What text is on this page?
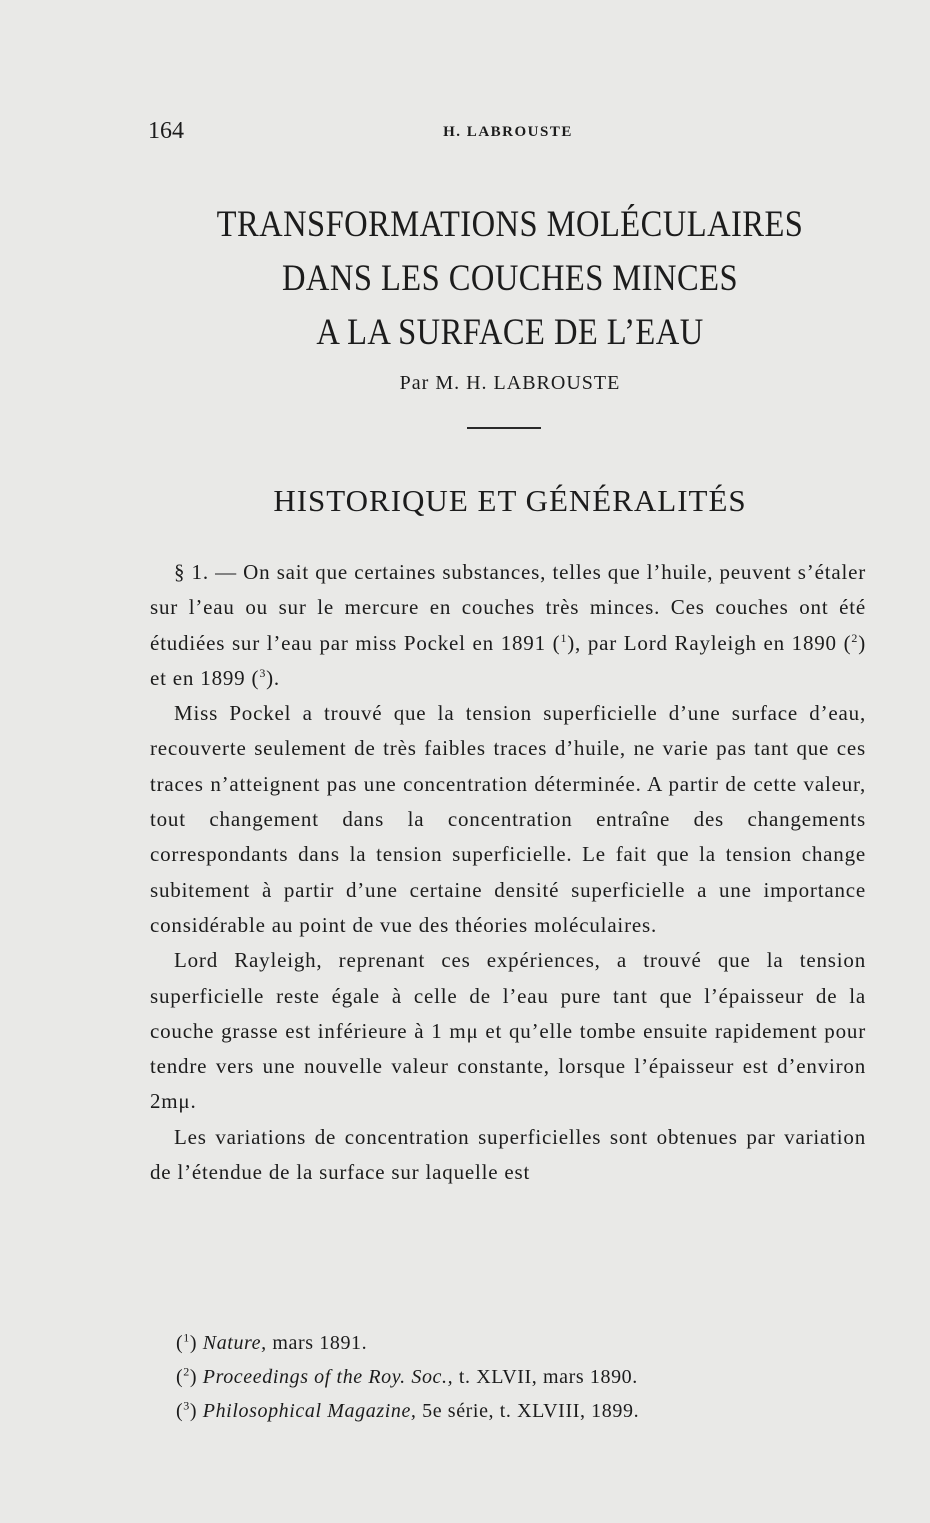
164	H. LABROUSTE
TRANSFORMATIONS MOLÉCULAIRES
DANS LES COUCHES MINCES
A LA SURFACE DE L’EAU
Par M. H. LABROUSTE
HISTORIQUE ET GÉNÉRALITÉS

§ 1. — On sait que certaines substances, telles que l’huile, peuvent s’étaler sur l’eau ou sur le mercure en couches très minces. Ces couches ont été étudiées sur l’eau par miss Pockel en 1891 ($^1$), par Lord Rayleigh en 1890 ($^2$) et en 1899 ($^3$).

Miss Pockel a trouvé que la tension superficielle d’une surface d’eau, recouverte seulement de très faibles traces d’huile, ne varie pas tant que ces traces n’atteignent pas une concentration déterminée. A partir de cette valeur, tout changement dans la concentration entraîne des changements correspondants dans la tension superficielle. Le fait que la tension change subitement à partir d’une certaine densité superficielle a une importance considérable au point de vue des théories moléculaires.

Lord Rayleigh, reprenant ces expériences, a trouvé que la tension superficielle reste égale à celle de l’eau pure tant que l’épaisseur de la couche grasse est inférieure à 1 mμ et qu’elle tombe ensuite rapidement pour tendre vers une nouvelle valeur constante, lorsque l’épaisseur est d’environ 2mμ.

Les variations de concentration superficielles sont obtenues par variation de l’étendue de la surface sur laquelle est

($^1$) Nature, mars 1891.
($^2$) Proceedings of the Roy. Soc., t. XLVII, mars 1890.
($^3$) Philosophical Magazine, 5e série, t. XLVIII, 1899.
